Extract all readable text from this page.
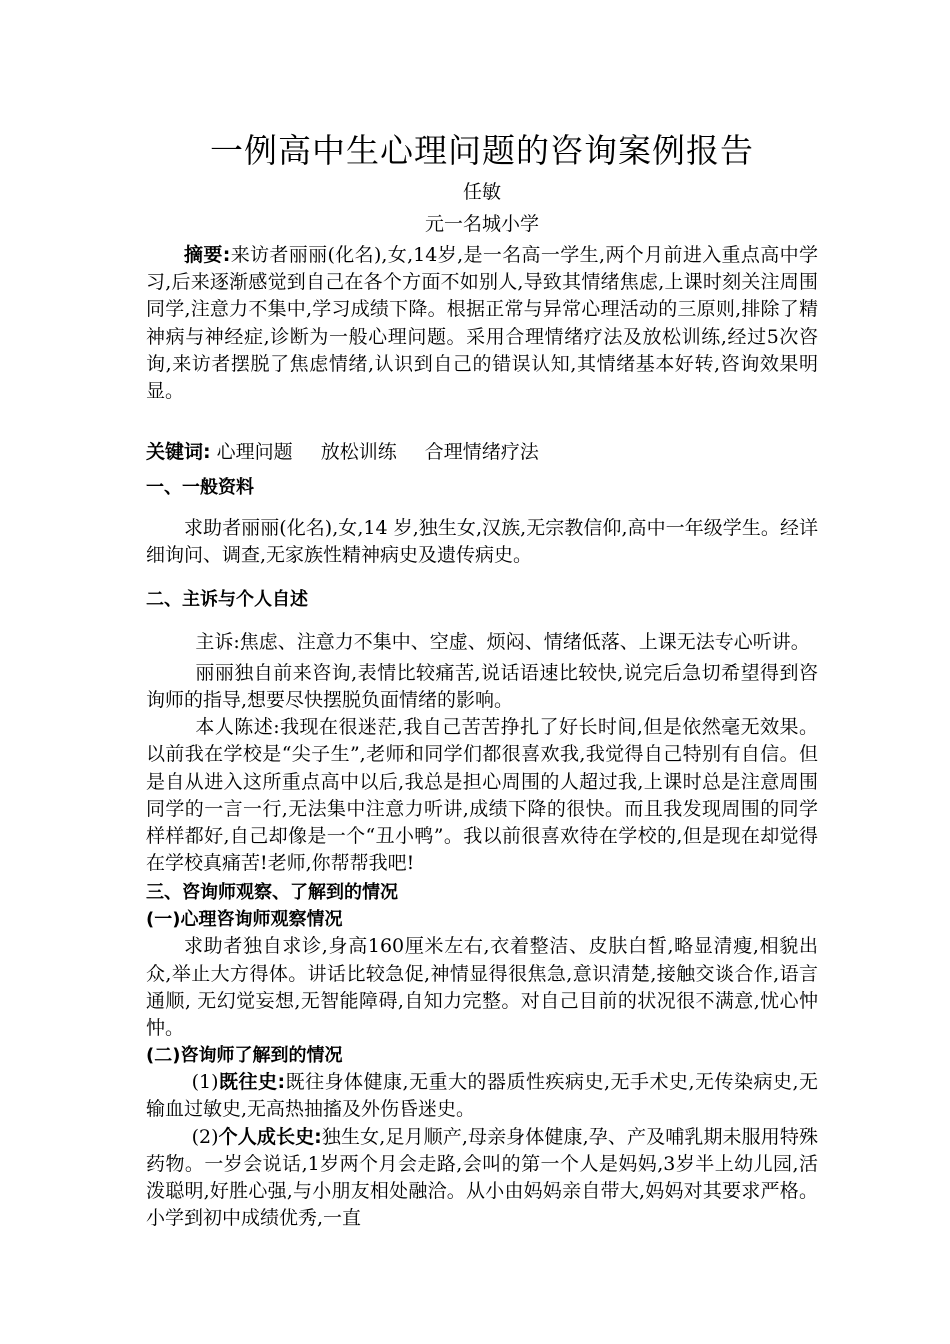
一例高中生心理问题的咨询案例报告
任敏
元一名城小学
摘要:来访者丽丽(化名),女,14岁,是一名高一学生,两个月前进入重点高中学习,后来逐渐感觉到自己在各个方面不如别人,导致其情绪焦虑,上课时刻关注周围同学,注意力不集中,学习成绩下降。根据正常与异常心理活动的三原则,排除了精神病与神经症,诊断为一般心理问题。采用合理情绪疗法及放松训练,经过5次咨询,来访者摆脱了焦虑情绪,认识到自己的错误认知,其情绪基本好转,咨询效果明显。
关键词: 心理问题 放松训练 合理情绪疗法
一、一般资料

求助者丽丽(化名),女,14 岁,独生女,汉族,无宗教信仰,高中一年级学生。经详细询问、调查,无家族性精神病史及遗传病史。

二、主诉与个人自述

主诉:焦虑、注意力不集中、空虚、烦闷、情绪低落、上课无法专心听讲。

丽丽独自前来咨询,表情比较痛苦,说话语速比较快,说完后急切希望得到咨询师的指导,想要尽快摆脱负面情绪的影响。

本人陈述:我现在很迷茫,我自己苦苦挣扎了好长时间,但是依然毫无效果。 以前我在学校是“尖子生”,老师和同学们都很喜欢我,我觉得自己特别有自信。但是自从进入这所重点高中以后,我总是担心周围的人超过我,上课时总是注意周围同学的一言一行,无法集中注意力听讲,成绩下降的很快。而且我发现周围的同学样样都好,自己却像是一个“丑小鸭”。我以前很喜欢待在学校的,但是现在却觉得在学校真痛苦!老师,你帮帮我吧!

三、咨询师观察、了解到的情况
(一)心理咨询师观察情况

求助者独自求诊,身高160厘米左右,衣着整洁、皮肤白皙,略显清瘦,相貌出众,举止大方得体。讲话比较急促,神情显得很焦急,意识清楚,接触交谈合作,语言通顺, 无幻觉妄想,无智能障碍,自知力完整。对自己目前的状况很不满意,忧心忡忡。

(二)咨询师了解到的情况

(1)既往史:既往身体健康,无重大的器质性疾病史,无手术史,无传染病史,无输血过敏史,无高热抽搐及外伤昏迷史。

(2)个人成长史:独生女,足月顺产,母亲身体健康,孕、产及哺乳期未服用特殊药物。一岁会说话,1岁两个月会走路,会叫的第一个人是妈妈,3岁半上幼儿园,活泼聪明,好胜心强,与小朋友相处融洽。从小由妈妈亲自带大,妈妈对其要求严格。小学到初中成绩优秀,一直
